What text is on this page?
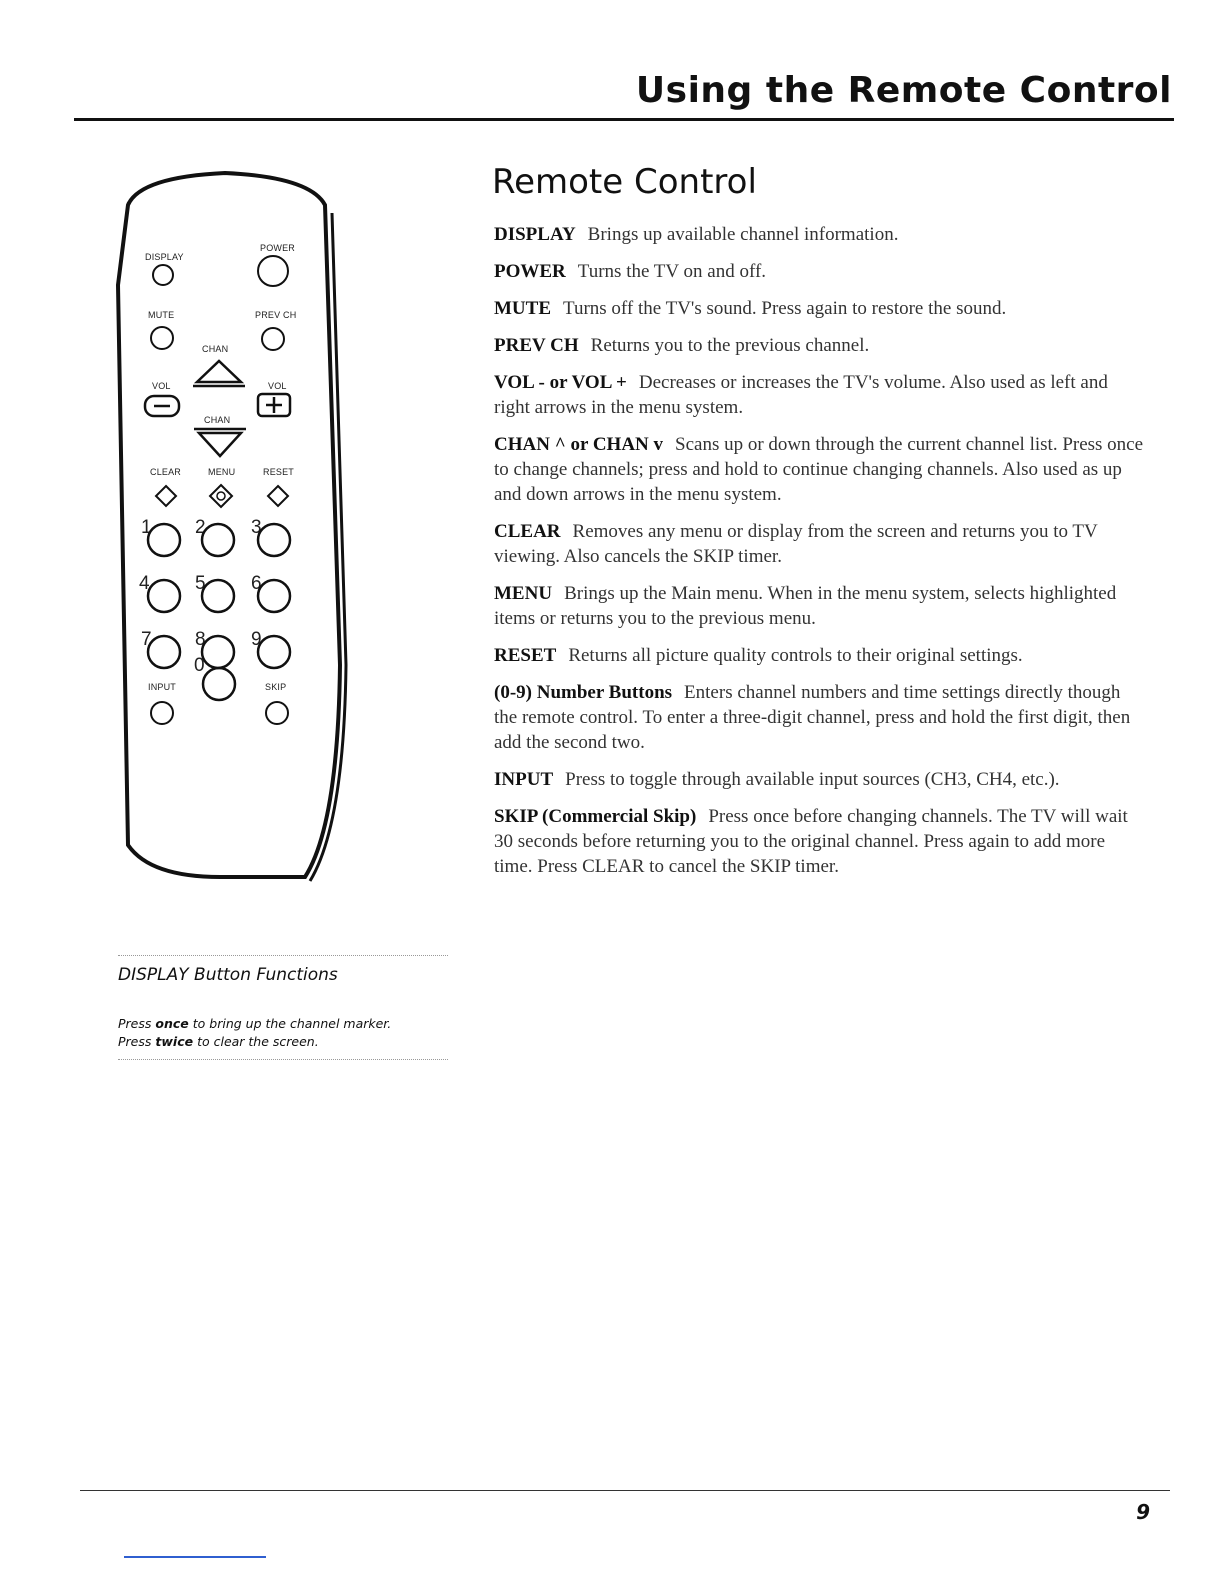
Using the Remote Control
DISPLAY
POWER
MUTE	PREV CH
CHAN
VOL	VOL
CHAN
CLEAR	MENU	RESET
1 2 3
4 5 6
7 8 9
INPUT	SKIP
0
Remote Control

DISPLAY Brings up available channel information.

POWER Turns the TV on and off.

MUTE Turns off the TV's sound. Press again to restore the sound.

PREV CH Returns you to the previous channel.

VOL - or VOL + Decreases or increases the TV's volume. Also used as left and right arrows in the menu system.

CHAN ^ or CHAN v Scans up or down through the current channel list. Press once to change channels; press and hold to continue changing channels. Also used as up and down arrows in the menu system.

CLEAR Removes any menu or display from the screen and returns you to TV viewing. Also cancels the SKIP timer.

MENU Brings up the Main menu. When in the menu system, selects highlighted items or returns you to the previous menu.

RESET Returns all picture quality controls to their original settings.

(0-9) Number Buttons Enters channel numbers and time settings directly though the remote control. To enter a three-digit channel, press and hold the first digit, then add the second two.

INPUT Press to toggle through available input sources (CH3, CH4, etc.).

SKIP (Commercial Skip) Press once before changing channels. The TV will wait 30 seconds before returning you to the original channel. Press again to add more time. Press CLEAR to cancel the SKIP timer.

DISPLAY Button Functions
Press once to bring up the channel marker.
Press twice to clear the screen.
9
